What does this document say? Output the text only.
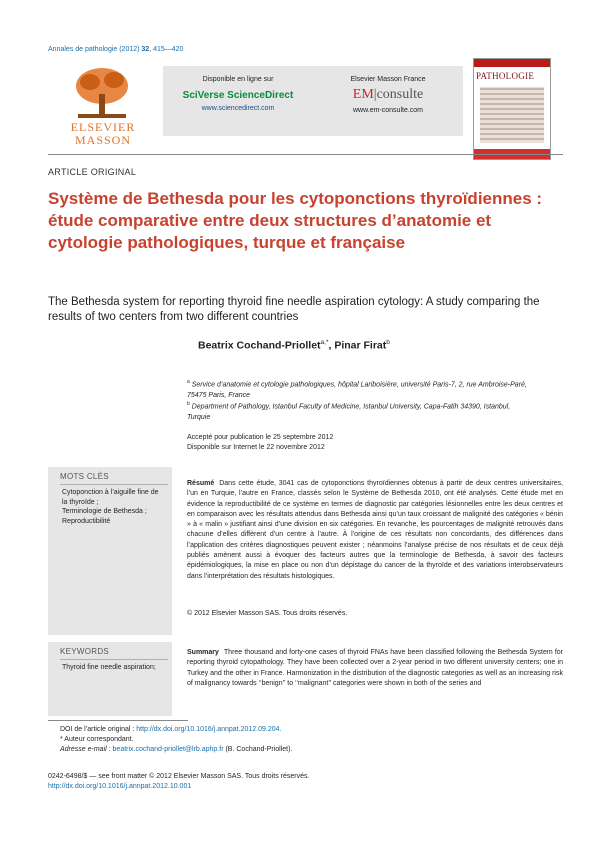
Annales de pathologie (2012) 32, 415—420
ELSEVIER
MASSON
Disponible en ligne sur
SciVerse ScienceDirect
www.sciencedirect.com
Elsevier Masson France
EM|consulte
www.em-consulte.com
PATHOLOGIE
ARTICLE ORIGINAL
Système de Bethesda pour les cytoponctions thyroïdiennes : étude comparative entre deux structures d’anatomie et cytologie pathologiques, turque et française
The Bethesda system for reporting thyroid fine needle aspiration cytology: A study comparing the results of two centers from two different countries
Beatrix Cochand-Priollet$^{a,*}$, Pinar Firat$^b$
$^a$ Service d’anatomie et cytologie pathologiques, hôpital Lariboisière, université Paris-7, 2, rue Ambroise-Paré, 75475 Paris, France
$^b$ Department of Pathology, Istanbul Faculty of Medicine, Istanbul University, Capa-Fatih 34390, Istanbul, Turquie
Accepté pour publication le 25 septembre 2012
Disponible sur Internet le 22 novembre 2012
MOTS CLÉS
Cytoponction à l’aiguille fine de la thyroïde ;
Terminologie de Bethesda ;
Reproductibilité
Résumé Dans cette étude, 3041 cas de cytoponctions thyroïdiennes obtenus à partir de deux centres universitaires, l’un en Turquie, l’autre en France, classés selon le Système de Bethesda 2010, ont été analysés. Cette étude met en évidence la reproductibilité de ce système en termes de diagnostic par catégories lésionnelles entre les deux centres et en comparaison avec les résultats attendus dans Bethesda ainsi qu’un taux croissant de malignité des catégories « bénin » à « malin » justifiant ainsi d’une division en six catégories. En revanche, les pourcentages de malignité retrouvés dans chacune d’elles diffèrent d’un centre à l’autre. À l’origine de ces résultats non concordants, des différences dans l’application des critères diagnostiques peuvent exister ; néanmoins l’analyse précise de nos résultats et de ceux déjà publiés amènent aussi à évoquer des facteurs autres que la terminologie de Bethesda, à savoir des facteurs épidémiologiques, la mise en place ou non d’un dépistage du cancer de la thyroïde et des variations interobservateurs dans l’interprétation des résultats histologiques.
© 2012 Elsevier Masson SAS. Tous droits réservés.
KEYWORDS
Thyroid fine needle aspiration;
Summary Three thousand and forty-one cases of thyroid FNAs have been classified following the Bethesda System for reporting thyroid cytopathology. They have been collected over a 2-year period in two different university centers; one in Turkey and the other in France. Harmonization in the distribution of the diagnostic categories as well as an increasing risk of malignancy towards ‘‘benign’’ to ‘‘malignant’’ categories were shown in both of the series and
DOI de l’article original : http://dx.doi.org/10.1016/j.annpat.2012.09.204.
* Auteur correspondant.
Adresse e-mail : beatrix.cochand-priollet@lrb.aphp.fr (B. Cochand-Priollet).
0242-6498/$ — see front matter © 2012 Elsevier Masson SAS. Tous droits réservés.
http://dx.doi.org/10.1016/j.annpat.2012.10.001
